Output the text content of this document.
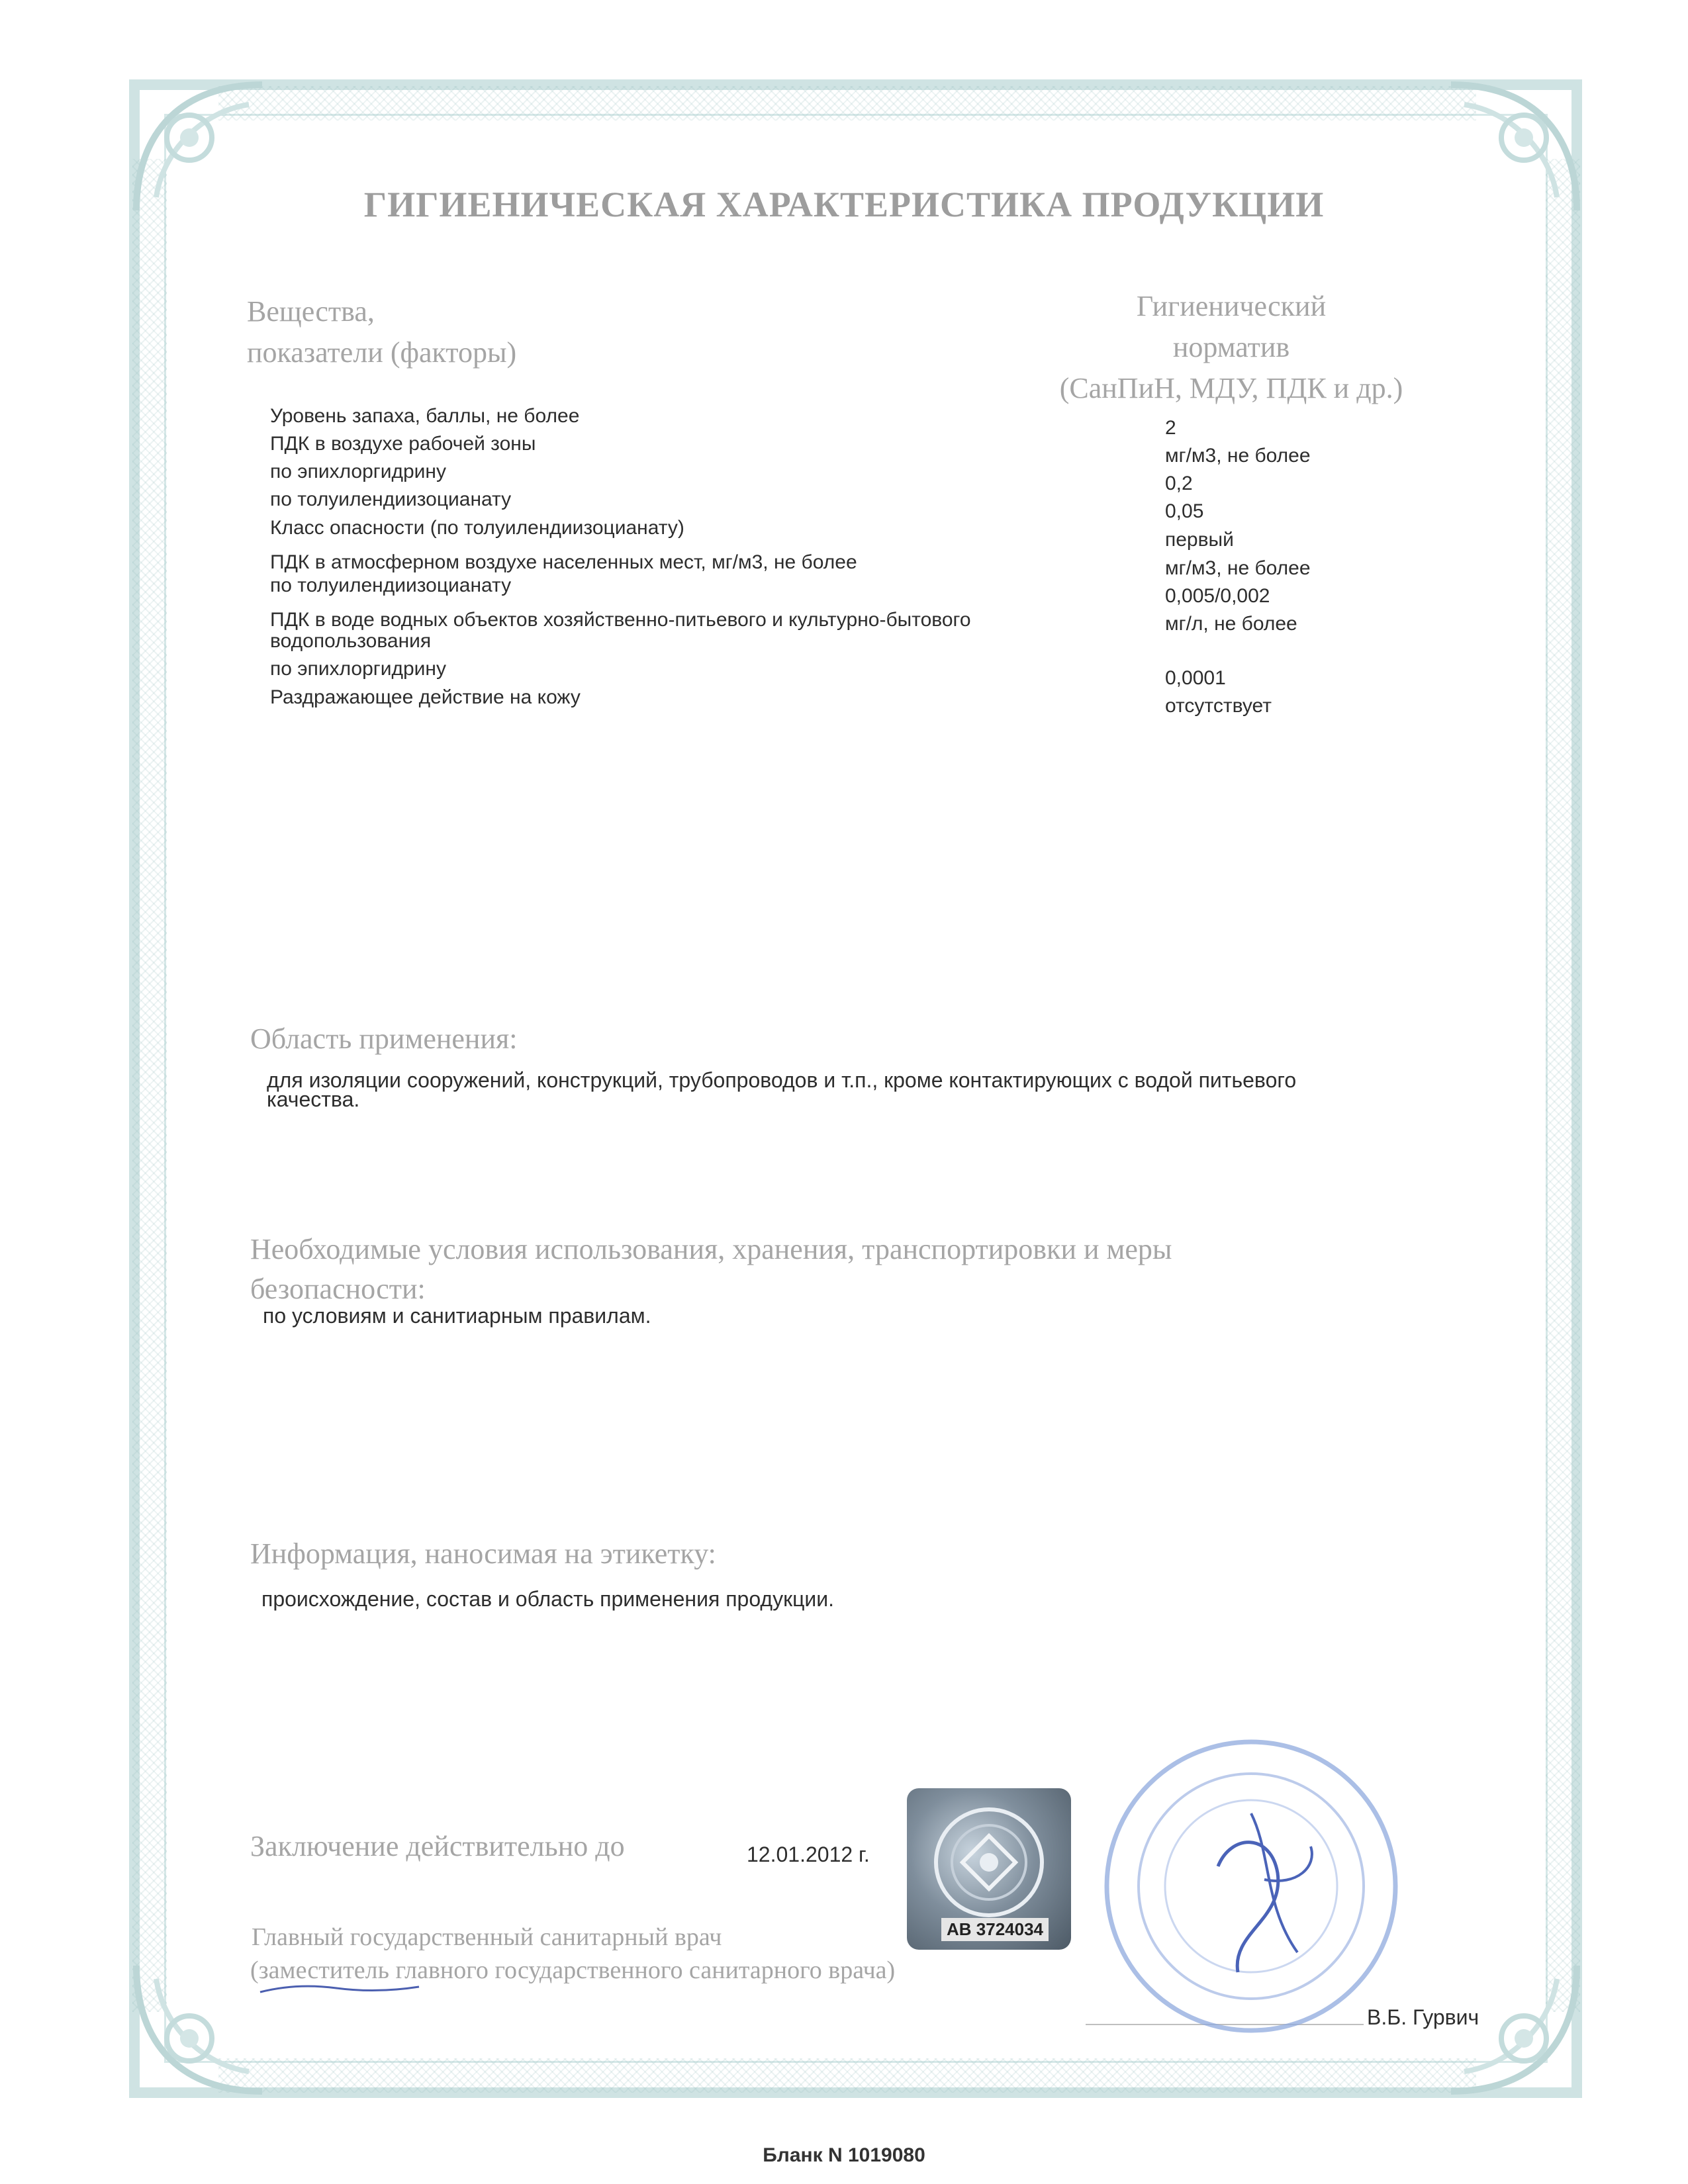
ГИГИЕНИЧЕСКАЯ ХАРАКТЕРИСТИКА ПРОДУКЦИИ
Вещества,
показатели (факторы)
Гигиенический
норматив
(СанПиН, МДУ, ПДК и др.)
Уровень запаха, баллы, не более
ПДК в воздухе рабочей зоны
по эпихлоргидрину
по толуилендиизоцианату
Класс опасности (по толуилендиизоцианату)
ПДК в атмосферном воздухе населенных мест, мг/м3, не более
по толуилендиизоцианату
ПДК в воде водных объектов хозяйственно-питьевого и культурно-бытового
водопользования
по эпихлоргидрину
Раздражающее действие на кожу
2
мг/м3, не более
0,2
0,05
первый
мг/м3, не более
0,005/0,002
мг/л, не более
0,0001
отсутствует
Область применения:
для изоляции сооружений, конструкций, трубопроводов и т.п., кроме контактирующих с водой питьевого
качества.
Необходимые условия использования, хранения, транспортировки и меры
безопасности:
по условиям и санитиарным правилам.
Информация, наносимая на этикетку:
происхождение, состав и область применения продукции.
Заключение действительно до	12.01.2012 г.
Главный государственный санитарный врач
(заместитель главного государственного санитарного врача)
В.Б. Гурвич
АВ 3724034
Бланк N 1019080
